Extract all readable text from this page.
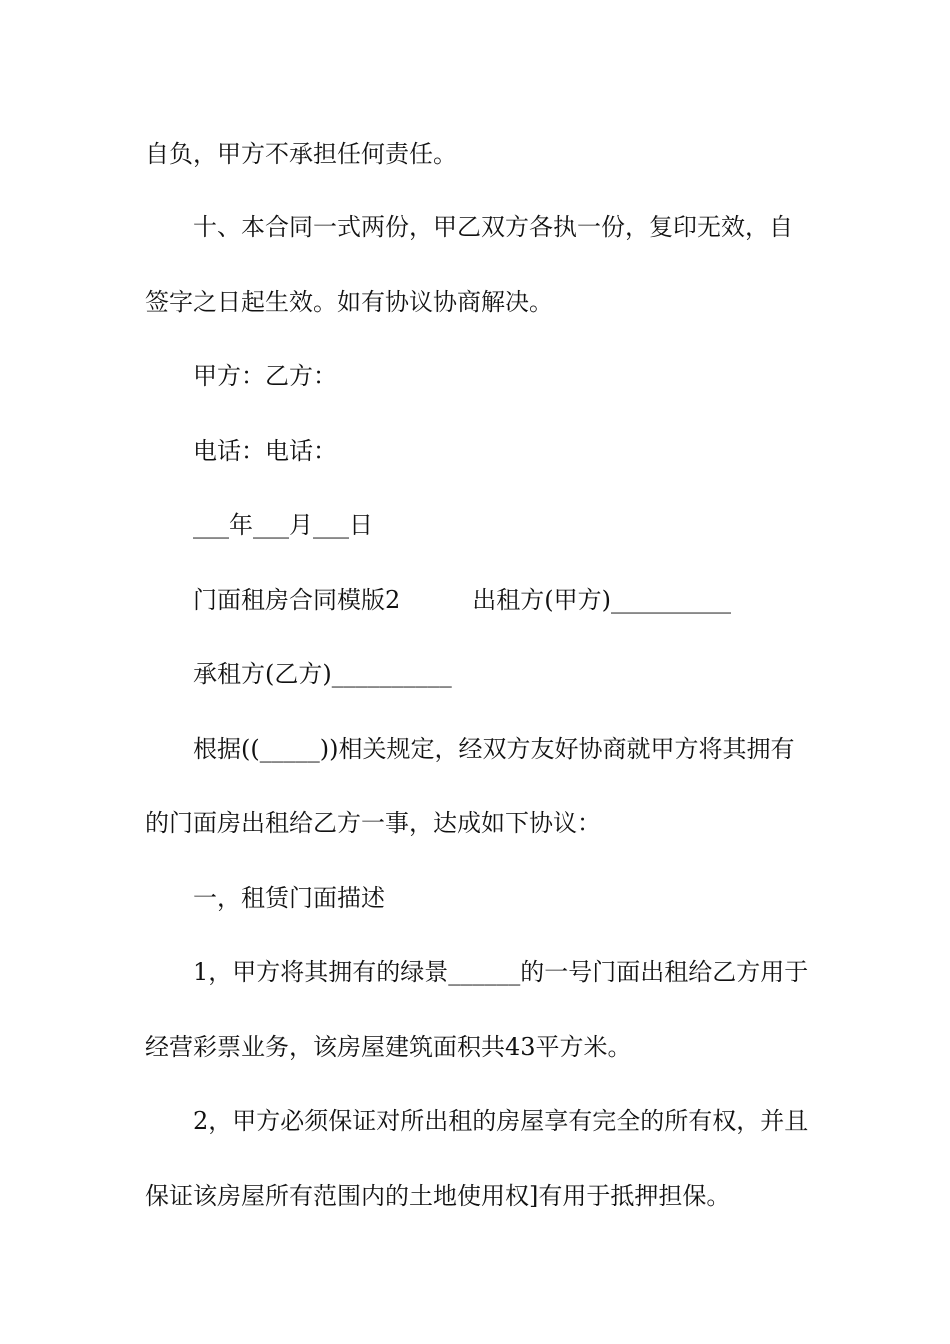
自负，甲方不承担任何责任。
十、本合同一式两份，甲乙双方各执一份，复印无效，自
签字之日起生效。如有协议协商解决。
甲方：乙方：
电话：电话：
___年___月___日
门面租房合同模版2　　　出租方(甲方)__________
承租方(乙方)__________
根据((_____))相关规定，经双方友好协商就甲方将其拥有
的门面房出租给乙方一事，达成如下协议：
一，租赁门面描述
1，甲方将其拥有的绿景______的一号门面出租给乙方用于
经营彩票业务，该房屋建筑面积共43平方米。
2，甲方必须保证对所出租的房屋享有完全的所有权，并且
保证该房屋所有范围内的土地使用权]有用于抵押担保。
